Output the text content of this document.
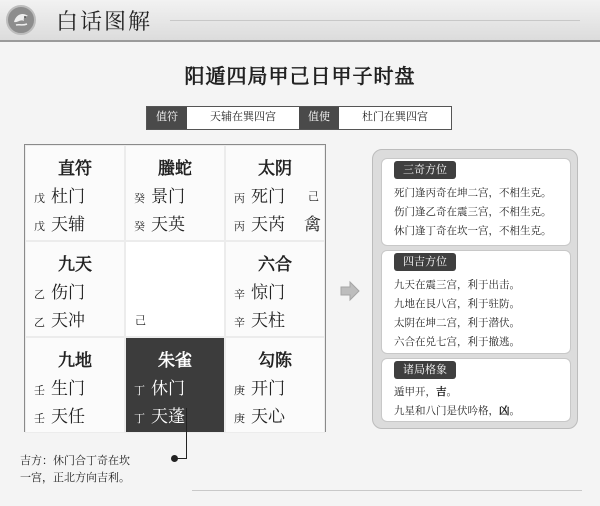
白话图解
阳遁四局甲己日甲子时盘
值符	天辅在巽四宫	值使	杜门在巽四宫
直符
戊 杜门
戊 天辅
螣蛇
癸 景门
癸 天英
太阴
丙 死门 己
丙 天芮 禽
九天
乙 伤门
乙 天冲	己
六合
辛 惊门
辛 天柱
九地
壬 生门
壬 天任
朱雀
丁 休门
丁 天蓬
勾陈
庚 开门
庚 天心
三奇方位
死门逢丙奇在坤二宫，不相生克。
伤门逢乙奇在震三宫，不相生克。
休门逢丁奇在坎一宫，不相生克。
四吉方位
九天在震三宫，利于出击。
九地在艮八宫，利于驻防。
太阴在坤二宫，利于潜伏。
六合在兑七宫，利于撤逃。
诸局格象
遁甲开，吉。
九星和八门是伏吟格，凶。
吉方：休门合丁奇在坎
一宫，正北方向吉利。
